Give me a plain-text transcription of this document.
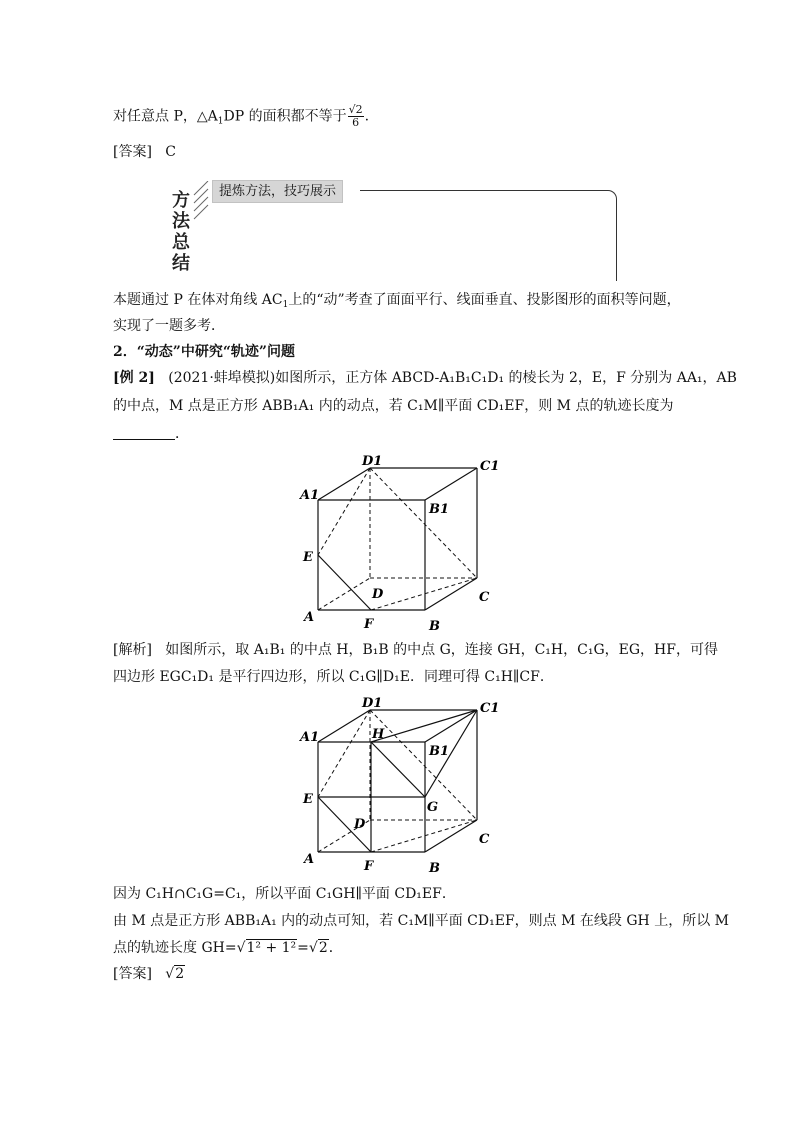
对任意点 P，$\triangle A_1DP$ 的面积都不等于 $\frac{√2}{6}$ .
[答案] C
方
法
总
结
提炼方法，技巧展示
本题通过 P 在体对角线 $AC_1$上的“动”考查了面面平行、线面垂直、投影图形的面积等问题，
实现了一题多考．
2．“动态”中研究“轨迹”问题
[例 2] (2021·蚌埠模拟)如图所示，正方体 ABCD-A₁B₁C₁D₁ 的棱长为 2，E，F 分别为 AA₁，AB
的中点，M 点是正方形 ABB₁A₁ 内的动点，若 C₁M∥平面 CD₁EF，则 M 点的轨迹长度为
．
D1	C1
A1
B1
E
D	C
A	F	B
[解析] 如图所示，取 A₁B₁ 的中点 H，B₁B 的中点 G，连接 GH，C₁H，C₁G，EG，HF，可得
四边形 EGC₁D₁ 是平行四边形，所以 C₁G∥D₁E．同理可得 C₁H∥CF．
D1	C1
A1
B1
H
E
G
D
C
A	F	B
因为 C₁H∩C₁G=C₁，所以平面 C₁GH∥平面 CD₁EF．
由 M 点是正方形 ABB₁A₁ 内的动点可知，若 C₁M∥平面 CD₁EF，则点 M 在线段 GH 上，所以 M
点的轨迹长度 GH=√1² + 1²=√2．
[答案]   √2
